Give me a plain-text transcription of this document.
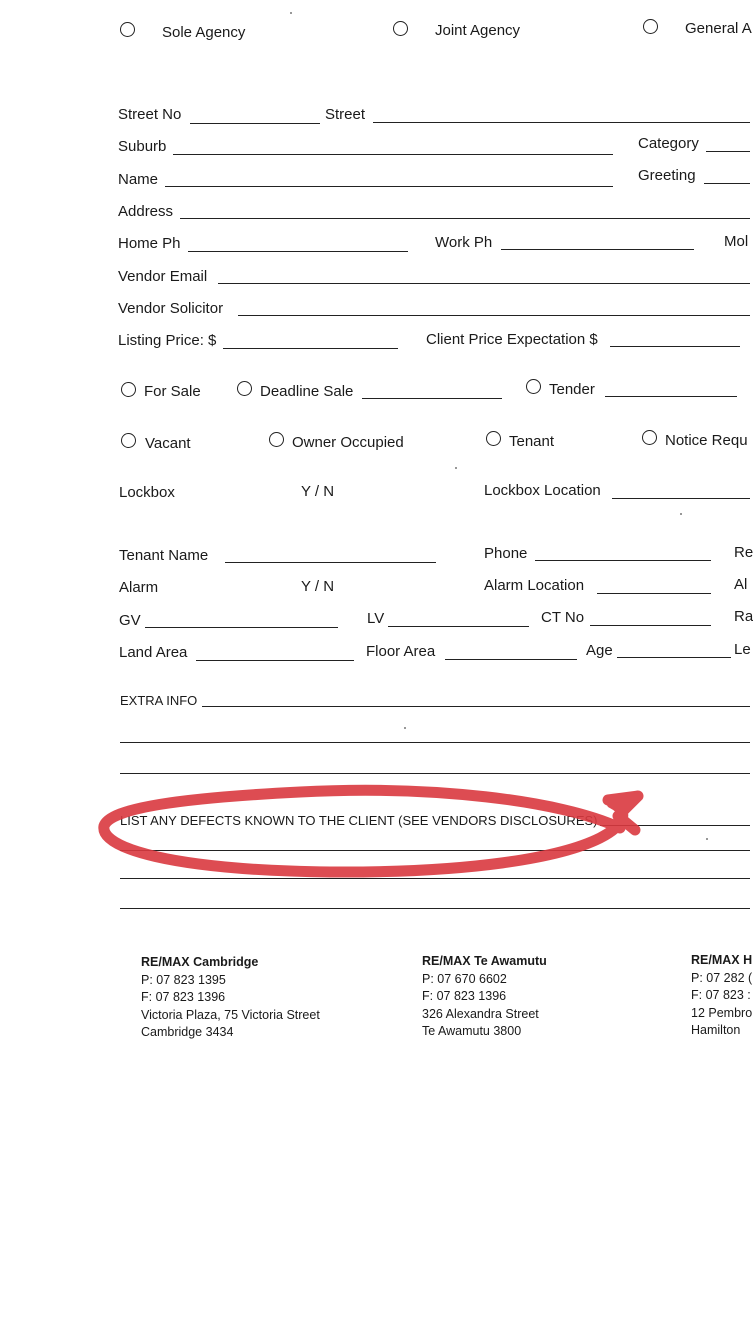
Sole Agency	Joint Agency	General A
Street No	Street
Suburb	Category
Name	Greeting
Address
Home Ph	Work Ph	Mol
Vendor Email
Vendor Solicitor
Listing Price: $	Client Price Expectation $
For Sale	Deadline Sale	Tender
Vacant	Owner Occupied	Tenant	Notice Requ
Lockbox	Y / N	Lockbox Location
Tenant Name	Phone	Re
Alarm	Y / N	Alarm Location	Al
GV	LV	CT No	Ra
Land Area	Floor Area	Age	Le
EXTRA INFO
LIST ANY DEFECTS KNOWN TO THE CLIENT (SEE VENDORS DISCLOSURES)
RE/MAX Cambridge
P: 07 823 1395
F: 07 823 1396
Victoria Plaza, 75 Victoria Street
Cambridge 3434
RE/MAX Te Awamutu
P: 07 670 6602
F: 07 823 1396
326 Alexandra Street
Te Awamutu 3800
RE/MAX H
P: 07 282 (
F: 07 823 :
12 Pembro
Hamilton
